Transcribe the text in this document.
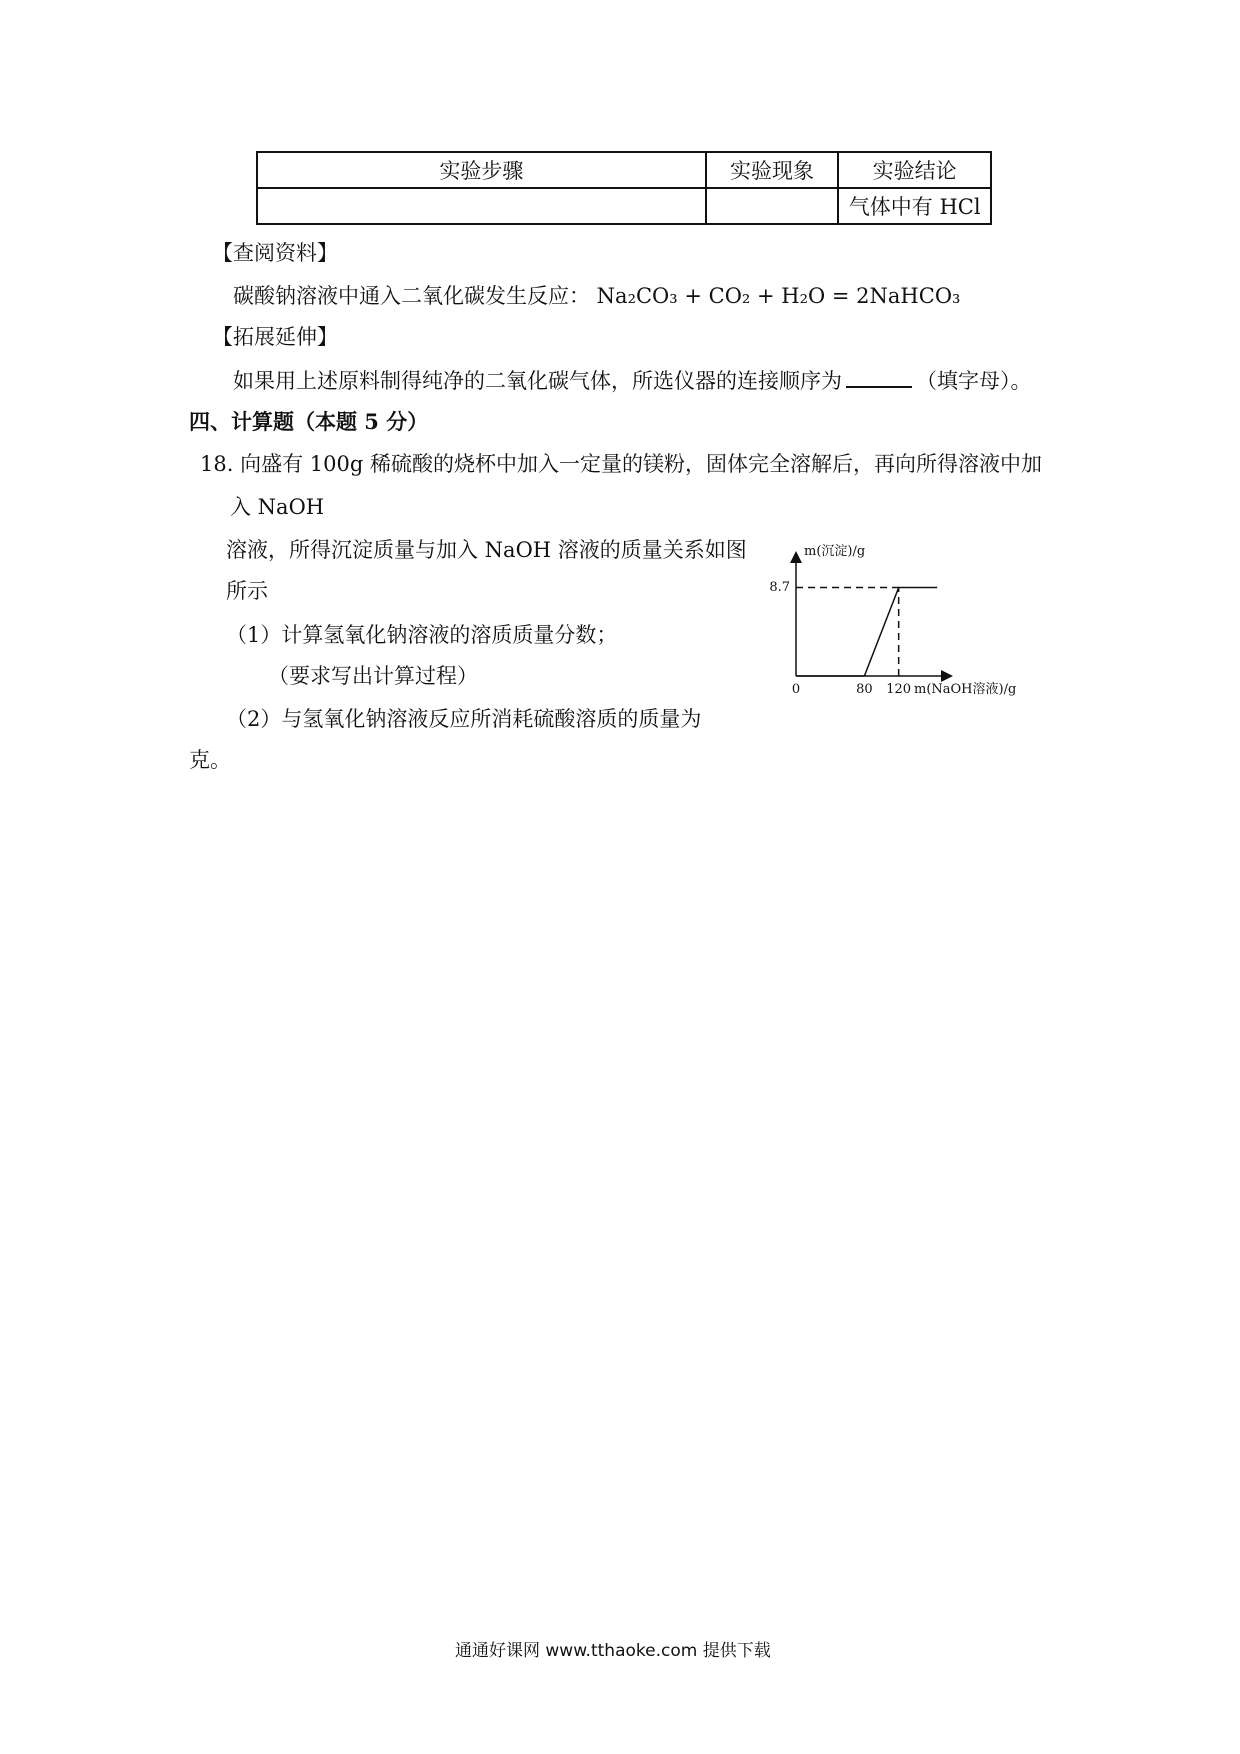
实验步骤	实验现象	实验结论
		气体中有 HCl
【查阅资料】
碳酸钠溶液中通入二氧化碳发生反应： Na₂CO₃ + CO₂ + H₂O = 2NaHCO₃
【拓展延伸】
如果用上述原料制得纯净的二氧化碳气体，所选仪器的连接顺序为	（填字母）。
四、计算题（本题 5 分）
18. 向盛有 100g 稀硫酸的烧杯中加入一定量的镁粉，固体完全溶解后，再向所得溶液中加
入 NaOH
溶液，所得沉淀质量与加入 NaOH 溶液的质量关系如图
所示
（1）计算氢氧化钠溶液的溶质质量分数；
（要求写出计算过程）
（2）与氢氧化钠溶液反应所消耗硫酸溶质的质量为
克。
m(沉淀)/g
m(NaOH溶液)/g
8.7
0	80 120
通通好课网 www.tthaoke.com 提供下载
